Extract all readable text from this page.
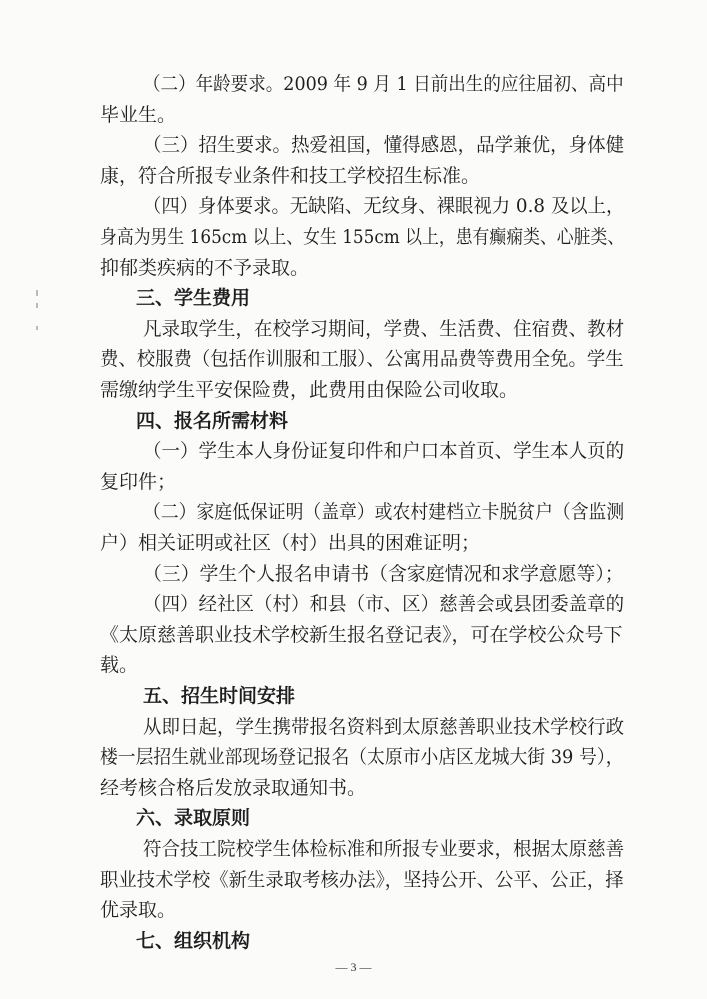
（二）年龄要求。2009 年 9 月 1 日前出生的应往届初、高中
毕业生。
（三）招生要求。热爱祖国，懂得感恩，品学兼优，身体健
康，符合所报专业条件和技工学校招生标准。
（四）身体要求。无缺陷、无纹身、裸眼视力 0.8 及以上，
身高为男生 165cm 以上、女生 155cm 以上，患有癫痫类、心脏类、
抑郁类疾病的不予录取。
三、学生费用
凡录取学生，在校学习期间，学费、生活费、住宿费、教材
费、校服费（包括作训服和工服）、公寓用品费等费用全免。学生
需缴纳学生平安保险费，此费用由保险公司收取。
四、报名所需材料
（一）学生本人身份证复印件和户口本首页、学生本人页的
复印件；
（二）家庭低保证明（盖章）或农村建档立卡脱贫户（含监测
户）相关证明或社区（村）出具的困难证明；
（三）学生个人报名申请书（含家庭情况和求学意愿等）；
（四）经社区（村）和县（市、区）慈善会或县团委盖章的
《太原慈善职业技术学校新生报名登记表》，可在学校公众号下
载。
五、招生时间安排
从即日起，学生携带报名资料到太原慈善职业技术学校行政
楼一层招生就业部现场登记报名（太原市小店区龙城大街 39 号），
经考核合格后发放录取通知书。
六、录取原则
符合技工院校学生体检标准和所报专业要求，根据太原慈善
职业技术学校《新生录取考核办法》，坚持公开、公平、公正，择
优录取。
七、组织机构
— 3 —
